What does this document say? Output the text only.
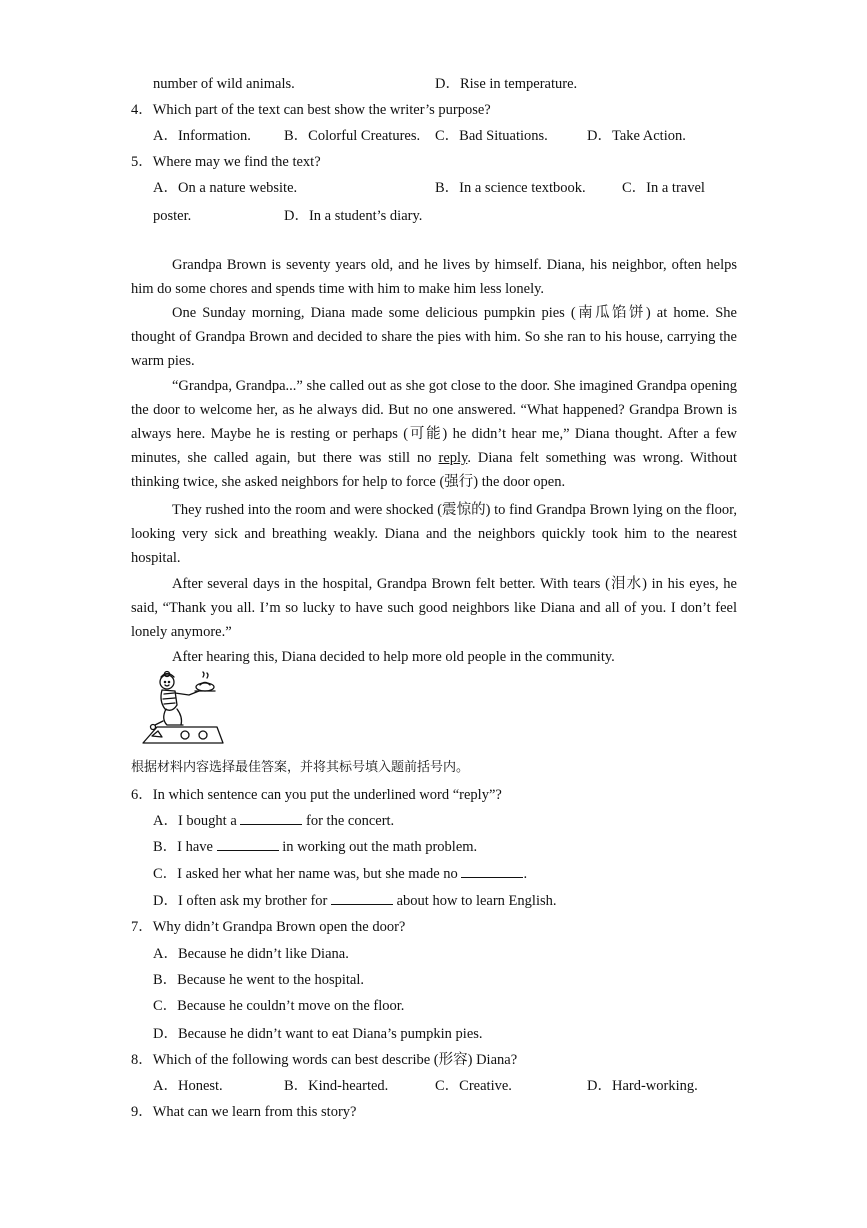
number of wild animals.	D．Rise in temperature.
4．Which part of the text can best show the writer’s purpose?
A．Information. B．Colorful Creatures. C．Bad Situations.	D．Take Action.
5．Where may we find the text?
A．On a nature website.	B．In a science textbook.	C．In a travel
poster.	D．In a student’s diary.
Grandpa Brown is seventy years old, and he lives by himself. Diana, his neighbor, often helps him do some chores and spends time with him to make him less lonely.
One Sunday morning, Diana made some delicious pumpkin pies (南瓜馅饼) at home. She thought of Grandpa Brown and decided to share the pies with him. So she ran to his house, carrying the warm pies.
“Grandpa, Grandpa...” she called out as she got close to the door. She imagined Grandpa opening the door to welcome her, as he always did. But no one answered. “What happened? Grandpa Brown is always here. Maybe he is resting or perhaps (可能) he didn’t hear me,” Diana thought. After a few minutes, she called again, but there was still no reply. Diana felt something was wrong. Without thinking twice, she asked neighbors for help to force (强行) the door open.
They rushed into the room and were shocked (震惊的) to find Grandpa Brown lying on the floor, looking very sick and breathing weakly. Diana and the neighbors quickly took him to the nearest hospital.
After several days in the hospital, Grandpa Brown felt better. With tears (泪水) in his eyes, he said, “Thank you all. I’m so lucky to have such good neighbors like Diana and all of you. I don’t feel lonely anymore.”
After hearing this, Diana decided to help more old people in the community.
根据材料内容选择最佳答案，并将其标号填入题前括号内。
6．In which sentence can you put the underlined word “reply”?
A．I bought a	for the concert.
B．I have	in working out the math problem.
C．I asked her what her name was, but she made no	.
D．I often ask my brother for	about how to learn English.
7．Why didn’t Grandpa Brown open the door?
A．Because he didn’t like Diana.
B．Because he went to the hospital.
C．Because he couldn’t move on the floor.
D．Because he didn’t want to eat Diana’s pumpkin pies.
8．Which of the following words can best describe (形容) Diana?
A．Honest.	B．Kind-hearted.	C．Creative.	D．Hard-working.
9．What can we learn from this story?
